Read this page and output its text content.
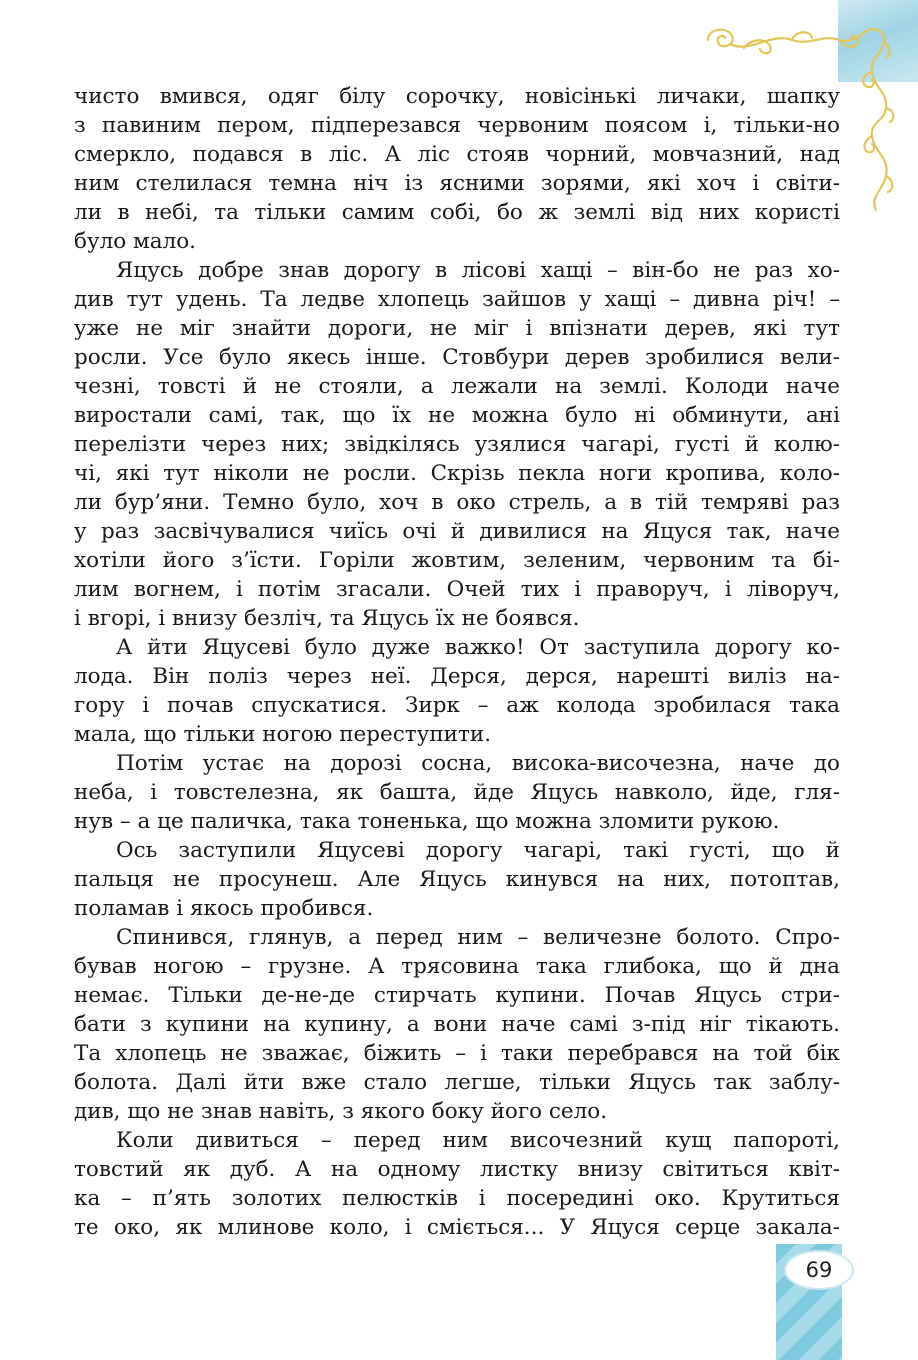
чисто вмився, одяг білу сорочку, новісінькі личаки, шапку
з павиним пером, підперезався червоним поясом і, тільки-но
смеркло, подався в ліс. А ліс стояв чорний, мовчазний, над
ним стелилася темна ніч із ясними зорями, які хоч і світи-
ли в небі, та тільки самим собі, бо ж землі від них користі
було мало.
Яцусь добре знав дорогу в лісові хащі – він-бо не раз хо-
див тут удень. Та ледве хлопець зайшов у хащі – дивна річ! –
уже не міг знайти дороги, не міг і впізнати дерев, які тут
росли. Усе було якесь інше. Стовбури дерев зробилися вели-
чезні, товсті й не стояли, а лежали на землі. Колоди наче
виростали самі, так, що їх не можна було ні обминути, ані
перелізти через них; звідкілясь узялися чагарі, густі й колю-
чі, які тут ніколи не росли. Скрізь пекла ноги кропива, коло-
ли бур’яни. Темно було, хоч в око стрель, а в тій темряві раз
у раз засвічувалися чиїсь очі й дивилися на Яцуся так, наче
хотіли його з’їсти. Горіли жовтим, зеленим, червоним та бі-
лим вогнем, і потім згасали. Очей тих і праворуч, і ліворуч,
і вгорі, і внизу безліч, та Яцусь їх не боявся.
А йти Яцусеві було дуже важко! От заступила дорогу ко-
лода. Він поліз через неї. Дерся, дерся, нарешті виліз на-
гору і почав спускатися. Зирк – аж колода зробилася така
мала, що тільки ногою переступити.
Потім устає на дорозі сосна, висока-височезна, наче до
неба, і товстелезна, як башта, йде Яцусь навколо, йде, гля-
нув – а це паличка, така тоненька, що можна зломити рукою.
Ось заступили Яцусеві дорогу чагарі, такі густі, що й
пальця не просунеш. Але Яцусь кинувся на них, потоптав,
поламав і якось пробився.
Спинився, глянув, а перед ним – величезне болото. Спро-
бував ногою – грузне. А трясовина така глибока, що й дна
немає. Тільки де-не-де стирчать купини. Почав Яцусь стри-
бати з купини на купину, а вони наче самі з-під ніг тікають.
Та хлопець не зважає, біжить – і таки перебрався на той бік
болота. Далі йти вже стало легше, тільки Яцусь так заблу-
див, що не знав навіть, з якого боку його село.
Коли дивиться – перед ним височезний кущ папороті,
товстий як дуб. А на одному листку внизу світиться квіт-
ка – п’ять золотих пелюстків і посередині око. Крутиться
те око, як млинове коло, і сміється... У Яцуся серце закала-
69
